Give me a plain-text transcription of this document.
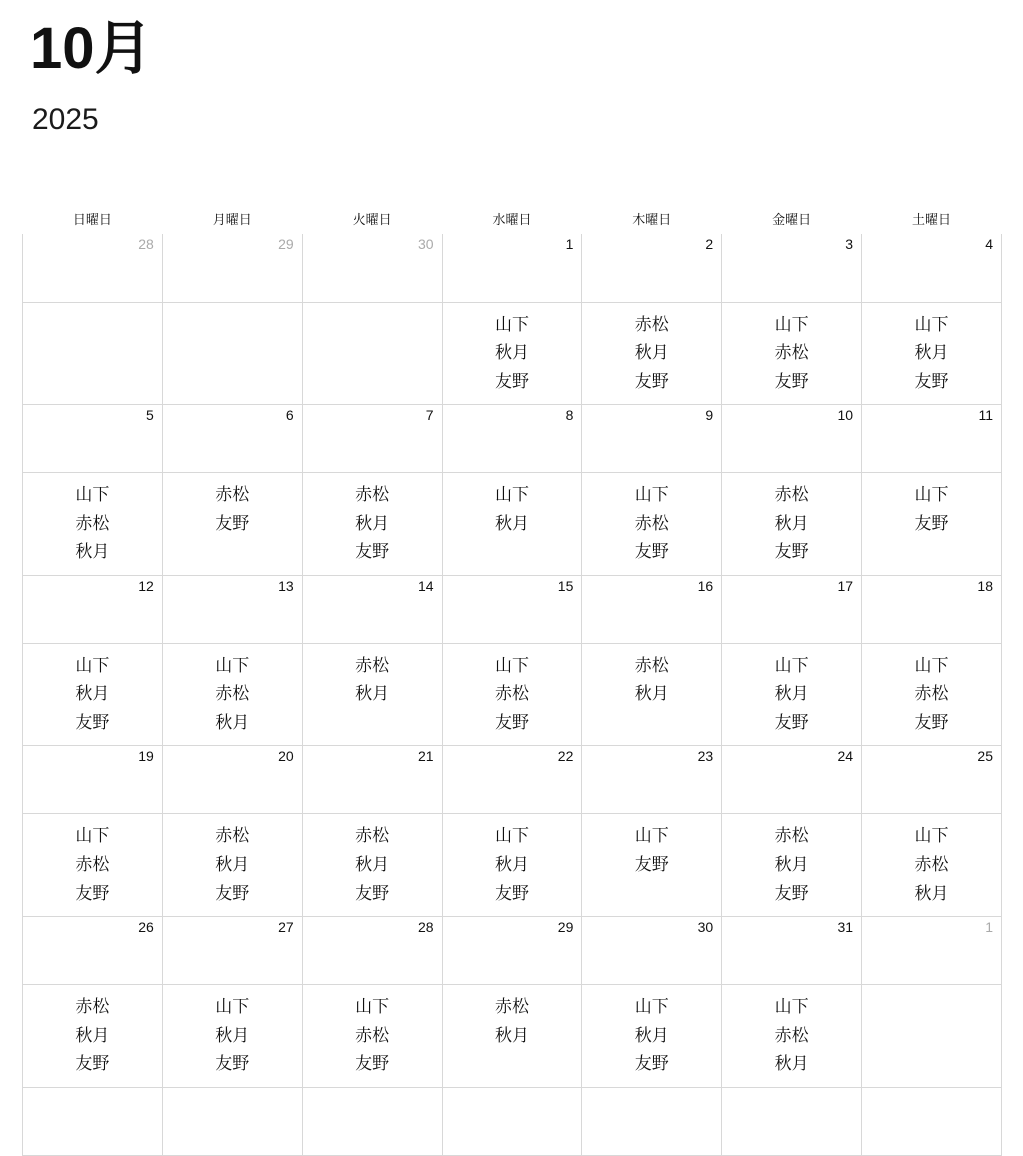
10月
2025
日曜日	月曜日	火曜日	水曜日	木曜日	金曜日	土曜日

28	29	30	1	2	3	4

			山下
秋月
友野	赤松
秋月
友野	山下
赤松
友野	山下
秋月
友野

5	6	7	8	9	10	11

山下
赤松
秋月	赤松
友野	赤松
秋月
友野	山下
秋月	山下
赤松
友野	赤松
秋月
友野	山下
友野

12	13	14	15	16	17	18

山下
秋月
友野	山下
赤松
秋月	赤松
秋月	山下
赤松
友野	赤松
秋月	山下
秋月
友野	山下
赤松
友野

19	20	21	22	23	24	25

山下
赤松
友野	赤松
秋月
友野	赤松
秋月
友野	山下
秋月
友野	山下
友野	赤松
秋月
友野	山下
赤松
秋月

26	27	28	29	30	31	1

赤松
秋月
友野	山下
秋月
友野	山下
赤松
友野	赤松
秋月	山下
秋月
友野	山下
赤松
秋月	
